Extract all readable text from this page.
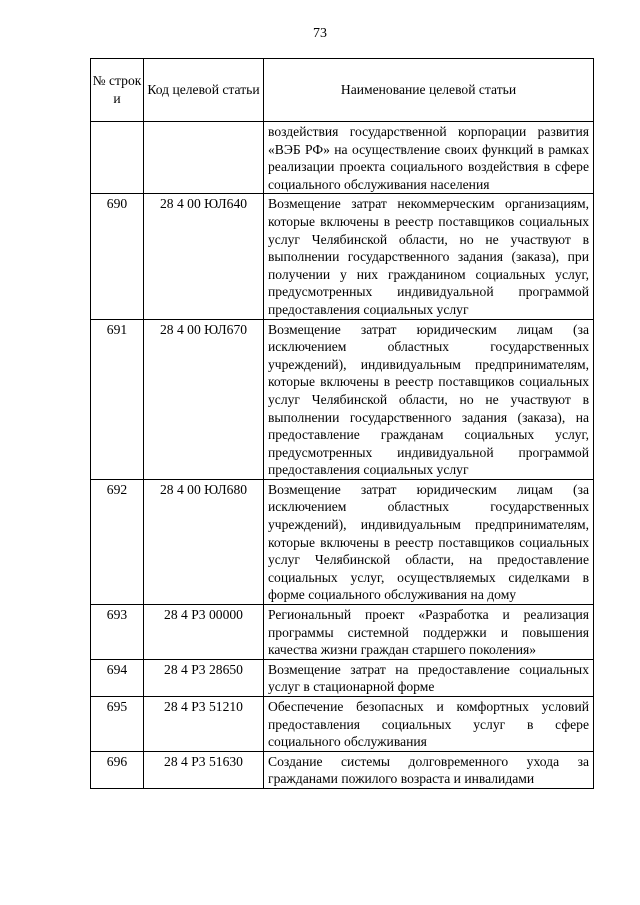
73
№ строк и	Код целевой статьи	Наименование целевой статьи
		воздействия государственной корпорации развития «ВЭБ РФ» на осуществление своих функций в рамках реализации проекта социального воздействия в сфере социального обслуживания населения
690	28 4 00 ЮЛ640	Возмещение затрат некоммерческим организациям, которые включены в реестр поставщиков социальных услуг Челябинской области, но не участвуют в выполнении государственного задания (заказа), при получении у них гражданином социальных услуг, предусмотренных индивидуальной программой предоставления социальных услуг
691	28 4 00 ЮЛ670	Возмещение затрат юридическим лицам (за исключением областных государственных учреждений), индивидуальным предпринимателям, которые включены в реестр поставщиков социальных услуг Челябинской области, но не участвуют в выполнении государственного задания (заказа), на предоставление гражданам социальных услуг, предусмотренных индивидуальной программой предоставления социальных услуг
692	28 4 00 ЮЛ680	Возмещение затрат юридическим лицам (за исключением областных государственных учреждений), индивидуальным предпринимателям, которые включены в реестр поставщиков социальных услуг Челябинской области, на предоставление социальных услуг, осуществляемых сиделками в форме социального обслуживания на дому
693	28 4 Р3 00000	Региональный проект «Разработка и реализация программы системной поддержки и повышения качества жизни граждан старшего поколения»
694	28 4 Р3 28650	Возмещение затрат на предоставление социальных услуг в стационарной форме
695	28 4 Р3 51210	Обеспечение безопасных и комфортных условий предоставления социальных услуг в сфере социального обслуживания
696	28 4 Р3 51630	Создание системы долговременного ухода за гражданами пожилого возраста и инвалидами
